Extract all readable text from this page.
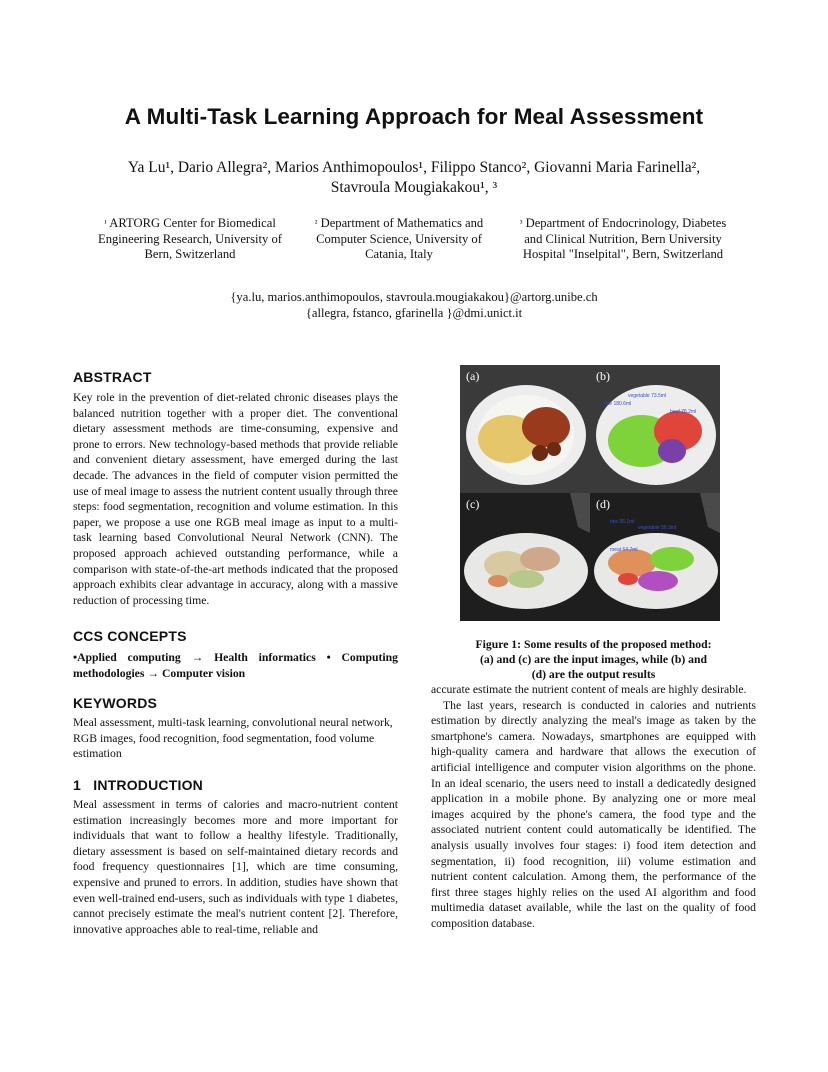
A Multi-Task Learning Approach for Meal Assessment
Ya Lu¹, Dario Allegra², Marios Anthimopoulos¹, Filippo Stanco², Giovanni Maria Farinella²,
Stavroula Mougiakakou¹, ³
$^{^1}$ ARTORG Center for Biomedical Engineering Research, University of Bern, Switzerland
$^{^2}$ Department of Mathematics and Computer Science, University of Catania, Italy
$^{^3}$ Department of Endocrinology, Diabetes and Clinical Nutrition, Bern University Hospital "Inselpital", Bern, Switzerland
{ya.lu, marios.anthimopoulos, stavroula.mougiakakou}@artorg.unibe.ch
{allegra, fstanco, gfarinella }@dmi.unict.it
ABSTRACT
Key role in the prevention of diet-related chronic diseases plays the balanced nutrition together with a proper diet. The conventional dietary assessment methods are time-consuming, expensive and prone to errors. New technology-based methods that provide reliable and convenient dietary assessment, have emerged during the last decade. The advances in the field of computer vision permitted the use of meal image to assess the nutrient content usually through three steps: food segmentation, recognition and volume estimation. In this paper, we propose a use one RGB meal image as input to a multi-task learning based Convolutional Neural Network (CNN). The proposed approach achieved outstanding performance, while a comparison with state-of-the-art methods indicated that the proposed approach exhibits clear advantage in accuracy, along with a massive reduction of processing time.
CCS CONCEPTS
•Applied computing → Health informatics • Computing methodologies → Computer vision
KEYWORDS
Meal assessment, multi-task learning, convolutional neural network, RGB images, food recognition, food segmentation, food volume estimation
1   INTRODUCTION
Meal assessment in terms of calories and macro-nutrient content estimation increasingly becomes more and more important for individuals that want to follow a healthy lifestyle. Traditionally, dietary assessment is based on self-maintained dietary records and food frequency questionnaires [1], which are time consuming, expensive and pruned to errors. In addition, studies have shown that even well-trained end-users, such as individuals with type 1 diabetes, cannot precisely estimate the meal's nutrient content [2]. Therefore, innovative approaches able to real-time, reliable and
(a)
vegetable 73.5ml
rice 180.6ml
beef 78.2ml
(b)
(c)
rice 95.1ml
vegetable 58.3ml
meat 64.7ml
(d)
Figure 1: Some results of the proposed method:
(a) and (c) are the input images, while (b) and
(d) are the output results

accurate estimate the nutrient content of meals are highly desirable.

The last years, research is conducted in calories and nutrients estimation by directly analyzing the meal's image as taken by the smartphone's camera. Nowadays, smartphones are equipped with high-quality camera and hardware that allows the execution of artificial intelligence and computer vision algorithms on the phone. In an ideal scenario, the users need to install a dedicatedly designed application in a mobile phone. By analyzing one or more meal images acquired by the phone's camera, the food type and the associated nutrient content could automatically be identified. The analysis usually involves four stages: i) food item detection and segmentation, ii) food recognition, iii) volume estimation and nutrient content calculation. Among them, the performance of the first three stages highly relies on the used AI algorithm and food multimedia dataset available, while the last on the quality of food composition database.
